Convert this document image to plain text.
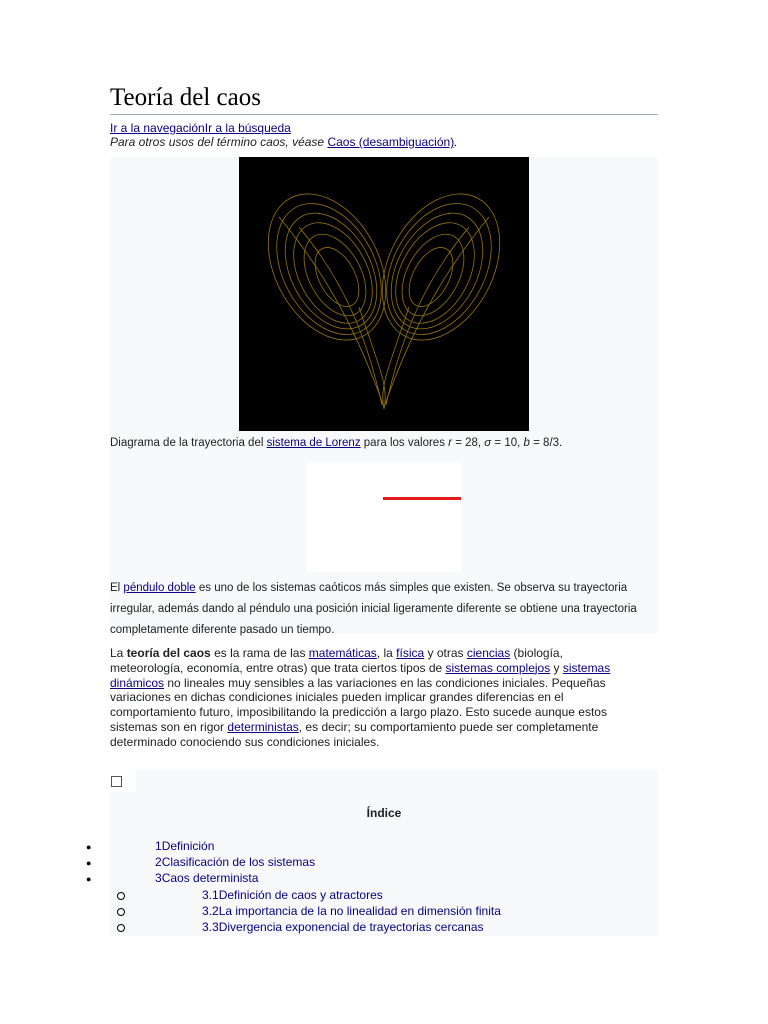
Teoría del caos
Ir a la navegaciónIr a la búsqueda
Para otros usos del término caos, véase Caos (desambiguación).
Diagrama de la trayectoria del sistema de Lorenz para los valores r = 28, σ = 10, b = 8/3.
El péndulo doble es uno de los sistemas caóticos más simples que existen. Se observa su trayectoria irregular, además dando al péndulo una posición inicial ligeramente diferente se obtiene una trayectoria completamente diferente pasado un tiempo.
La teoría del caos es la rama de las matemáticas, la física y otras ciencias (biología, meteorología, economía, entre otras) que trata ciertos tipos de sistemas complejos y sistemas dinámicos no lineales muy sensibles a las variaciones en las condiciones iniciales. Pequeñas variaciones en dichas condiciones iniciales pueden implicar grandes diferencias en el comportamiento futuro, imposibilitando la predicción a largo plazo. Esto sucede aunque estos sistemas son en rigor deterministas, es decir; su comportamiento puede ser completamente determinado conociendo sus condiciones iniciales.
Índice
●	1Definición
●	2Clasificación de los sistemas
●	3Caos determinista
3.1Definición de caos y atractores
3.2La importancia de la no linealidad en dimensión finita
3.3Divergencia exponencial de trayectorias cercanas
